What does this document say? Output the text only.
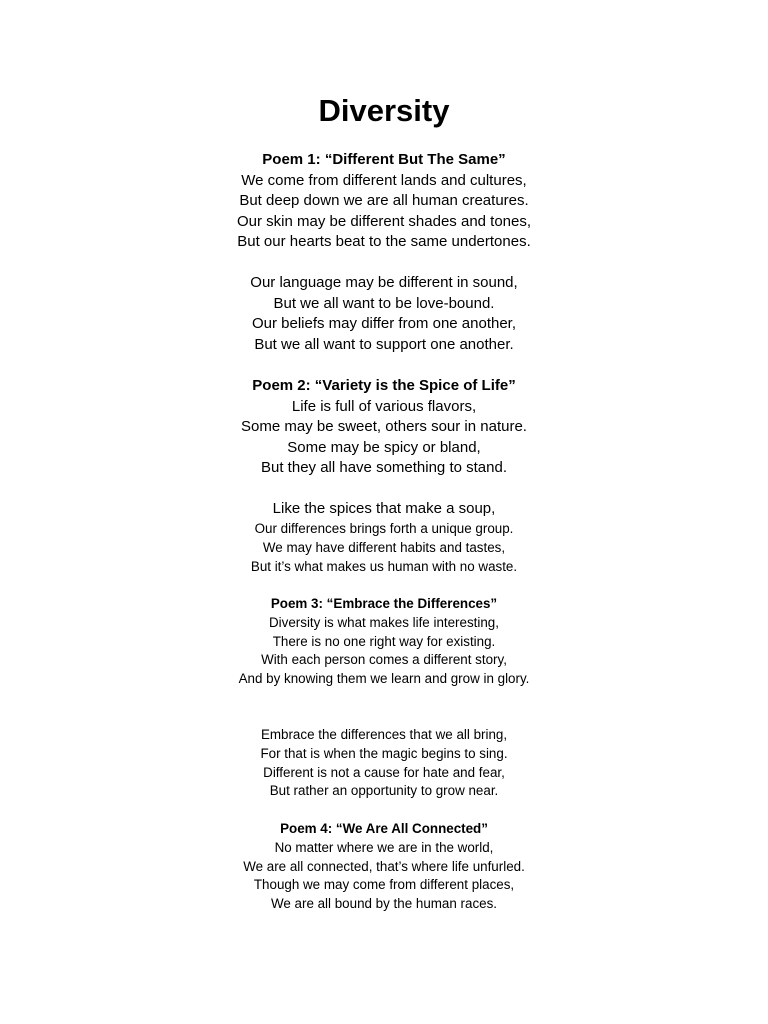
Diversity
Poem 1: “Different But The Same”
We come from different lands and cultures,
But deep down we are all human creatures.
Our skin may be different shades and tones,
But our hearts beat to the same undertones.
Our language may be different in sound,
But we all want to be love-bound.
Our beliefs may differ from one another,
But we all want to support one another.
Poem 2: “Variety is the Spice of Life”
Life is full of various flavors,
Some may be sweet, others sour in nature.
Some may be spicy or bland,
But they all have something to stand.
Like the spices that make a soup,
Our differences brings forth a unique group.
We may have different habits and tastes,
But it’s what makes us human with no waste.
Poem 3: “Embrace the Differences”
Diversity is what makes life interesting,
There is no one right way for existing.
With each person comes a different story,
And by knowing them we learn and grow in glory.
Embrace the differences that we all bring,
For that is when the magic begins to sing.
Different is not a cause for hate and fear,
But rather an opportunity to grow near.
Poem 4: “We Are All Connected”
No matter where we are in the world,
We are all connected, that’s where life unfurled.
Though we may come from different places,
We are all bound by the human races.
